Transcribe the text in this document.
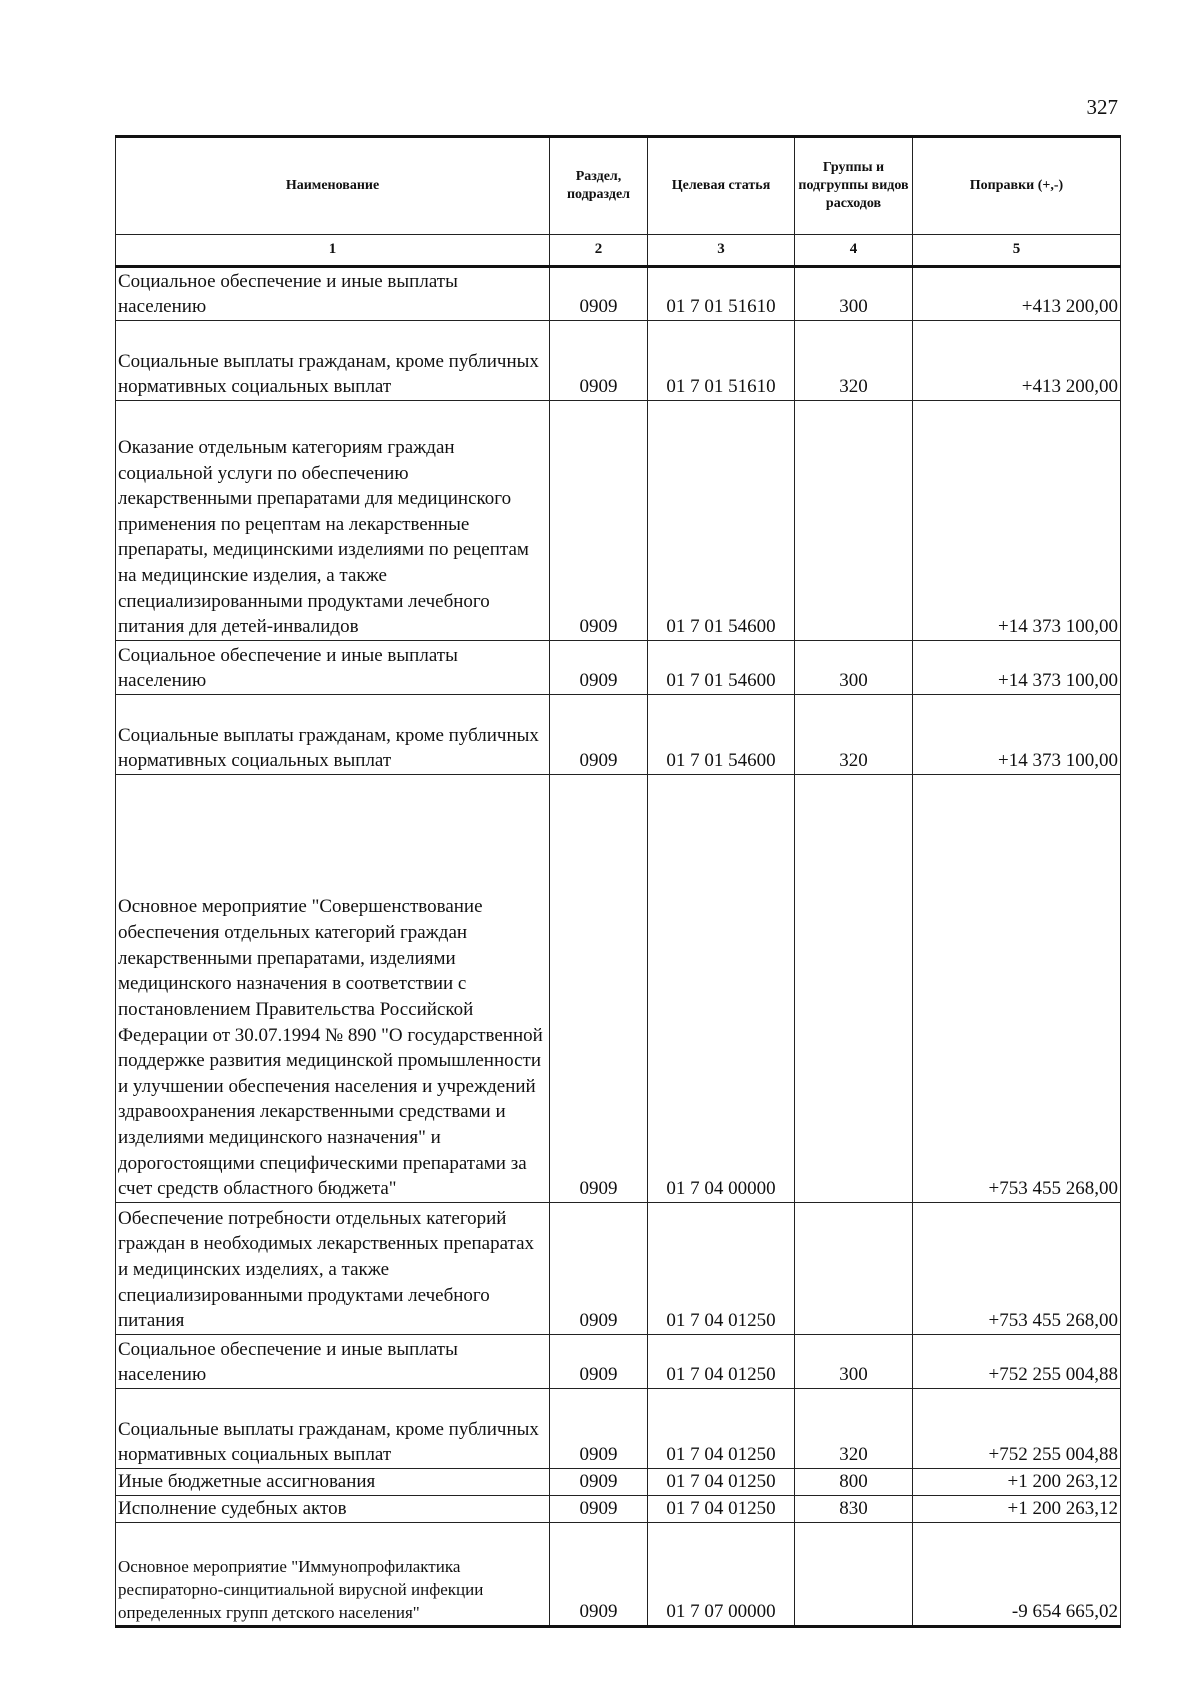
327
Наименование	Раздел, подраздел	Целевая статья	Группы и подгруппы видов расходов	Поправки (+,-)
1	2	3	4	5
Социальное обеспечение и иные выплаты населению	0909	01 7 01 51610	300	+413 200,00
Социальные выплаты гражданам, кроме публичных нормативных социальных выплат	0909	01 7 01 51610	320	+413 200,00
Оказание отдельным категориям граждан социальной услуги по обеспечению лекарственными препаратами для медицинского применения по рецептам на лекарственные препараты, медицинскими изделиями по рецептам на медицинские изделия, а также специализированными продуктами лечебного питания для детей-инвалидов	0909	01 7 01 54600		+14 373 100,00
Социальное обеспечение и иные выплаты населению	0909	01 7 01 54600	300	+14 373 100,00
Социальные выплаты гражданам, кроме публичных нормативных социальных выплат	0909	01 7 01 54600	320	+14 373 100,00
Основное мероприятие "Совершенствование обеспечения отдельных категорий граждан лекарственными препаратами, изделиями медицинского назначения в соответствии с постановлением Правительства Российской Федерации от 30.07.1994 № 890 "О государственной поддержке развития медицинской промышленности и улучшении обеспечения населения и учреждений здравоохранения лекарственными средствами и изделиями медицинского назначения" и дорогостоящими специфическими препаратами за счет средств областного бюджета"	0909	01 7 04 00000		+753 455 268,00
Обеспечение потребности отдельных категорий граждан в необходимых лекарственных препаратах и медицинских изделиях, а также специализированными продуктами лечебного питания	0909	01 7 04 01250		+753 455 268,00
Социальное обеспечение и иные выплаты населению	0909	01 7 04 01250	300	+752 255 004,88
Социальные выплаты гражданам, кроме публичных нормативных социальных выплат	0909	01 7 04 01250	320	+752 255 004,88
Иные бюджетные ассигнования	0909	01 7 04 01250	800	+1 200 263,12
Исполнение судебных актов	0909	01 7 04 01250	830	+1 200 263,12
Основное мероприятие "Иммунопрофилактика респираторно-синцитиальной вирусной инфекции определенных групп детского населения"	0909	01 7 07 00000		-9 654 665,02
